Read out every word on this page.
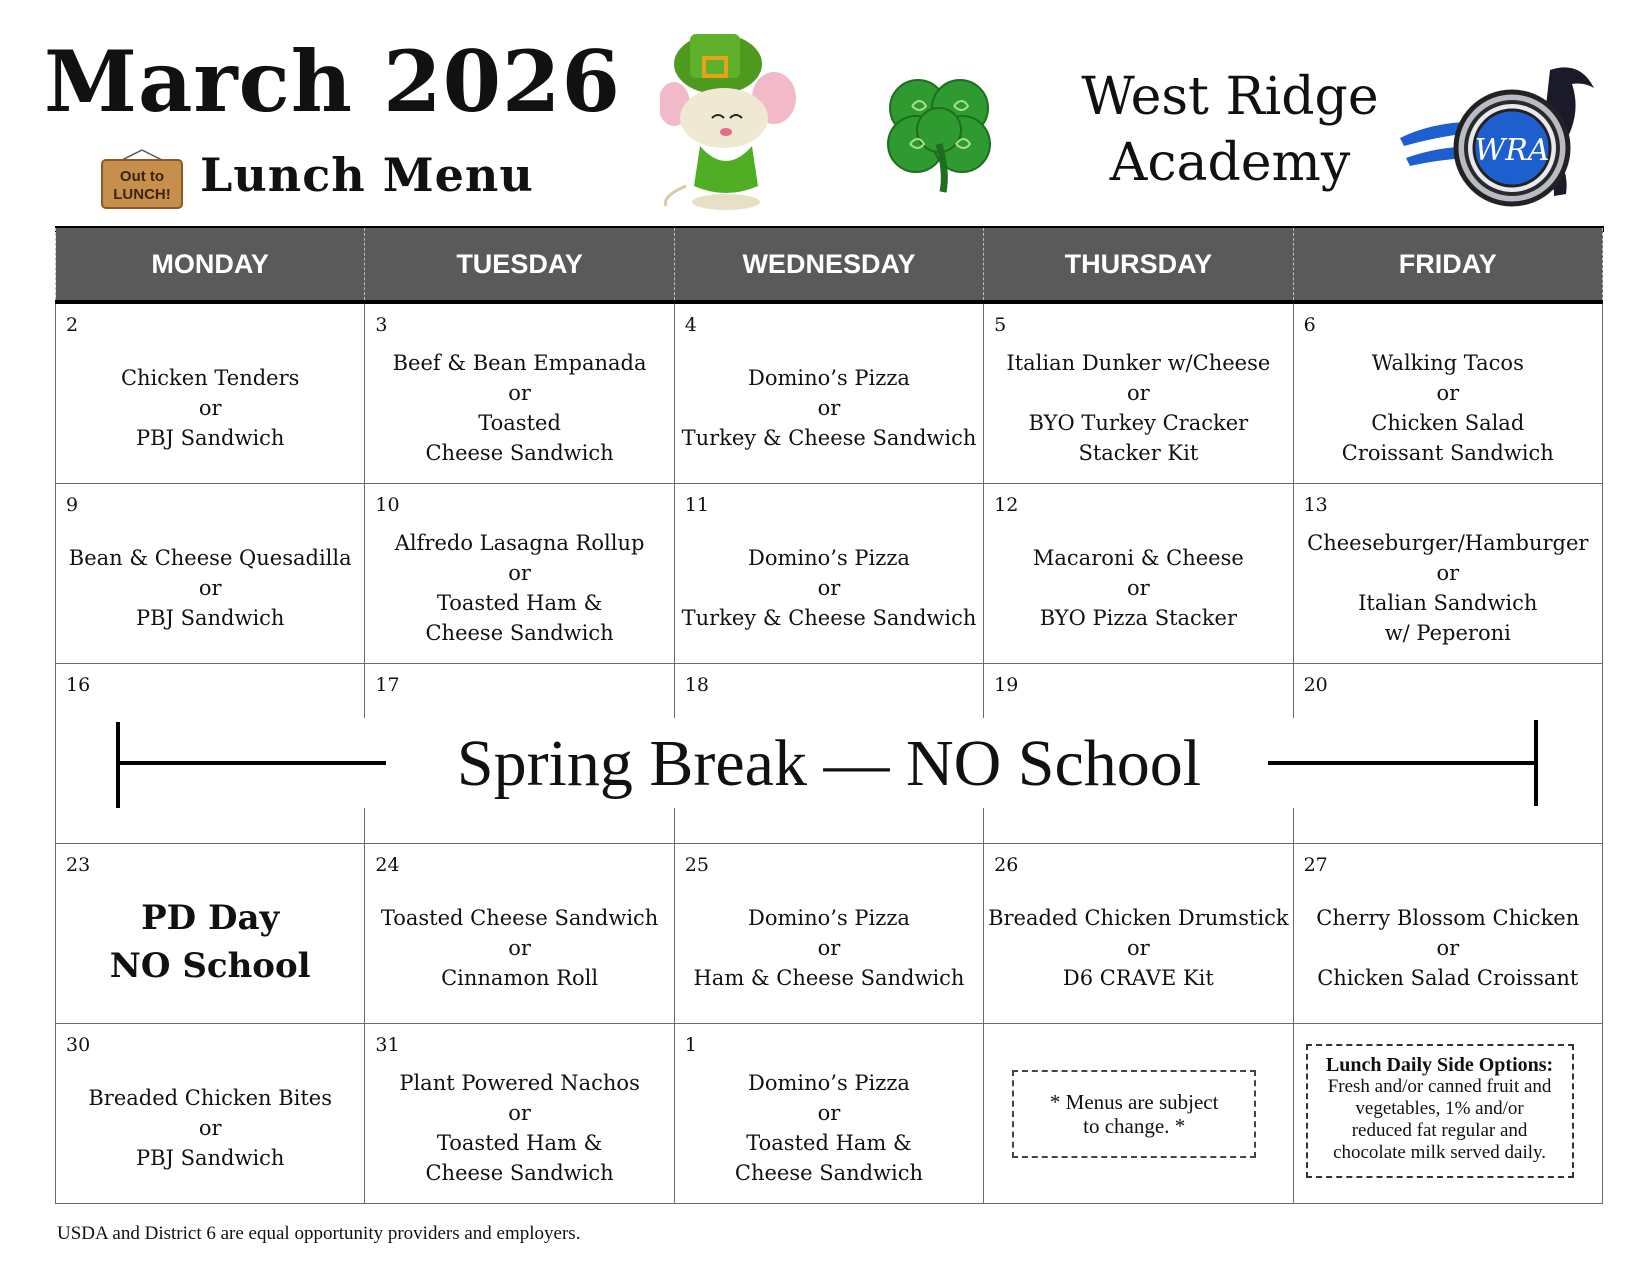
March 2026
Out to
LUNCH! Lunch Menu
West Ridge
Academy	WRA
MONDAY	TUESDAY	WEDNESDAY	THURSDAY	FRIDAY

2
Chicken Tenders
or
PBJ Sandwich	3
Beef & Bean Empanada
or
Toasted
Cheese Sandwich	4
Domino’s Pizza
or
Turkey & Cheese Sandwich	5
Italian Dunker w/Cheese
or
BYO Turkey Cracker
Stacker Kit	6
Walking Tacos
or
Chicken Salad
Croissant Sandwich

9
Bean & Cheese Quesadilla
or
PBJ Sandwich	10
Alfredo Lasagna Rollup
or
Toasted Ham &
Cheese Sandwich	11
Domino’s Pizza
or
Turkey & Cheese Sandwich	12
Macaroni & Cheese
or
BYO Pizza Stacker	13
Cheeseburger/Hamburger
or
Italian Sandwich
w/ Peperoni

16	17	18	19	20

23
PD Day
NO School	24
Toasted Cheese Sandwich
or
Cinnamon Roll	25
Domino’s Pizza
or
Ham & Cheese Sandwich	26
Breaded Chicken Drumstick
or
D6 CRAVE Kit	27
Cherry Blossom Chicken
or
Chicken Salad Croissant

30
Breaded Chicken Bites
or
PBJ Sandwich	31
Plant Powered Nachos
or
Toasted Ham &
Cheese Sandwich	1
Domino’s Pizza
or
Toasted Ham &
Cheese Sandwich	* Menus are subject
to change. *	Lunch Daily Side Options:
Fresh and/or canned fruit and
vegetables, 1% and/or
reduced fat regular and
chocolate milk served daily.
Spring Break — NO School
USDA and District 6 are equal opportunity providers and employers.
